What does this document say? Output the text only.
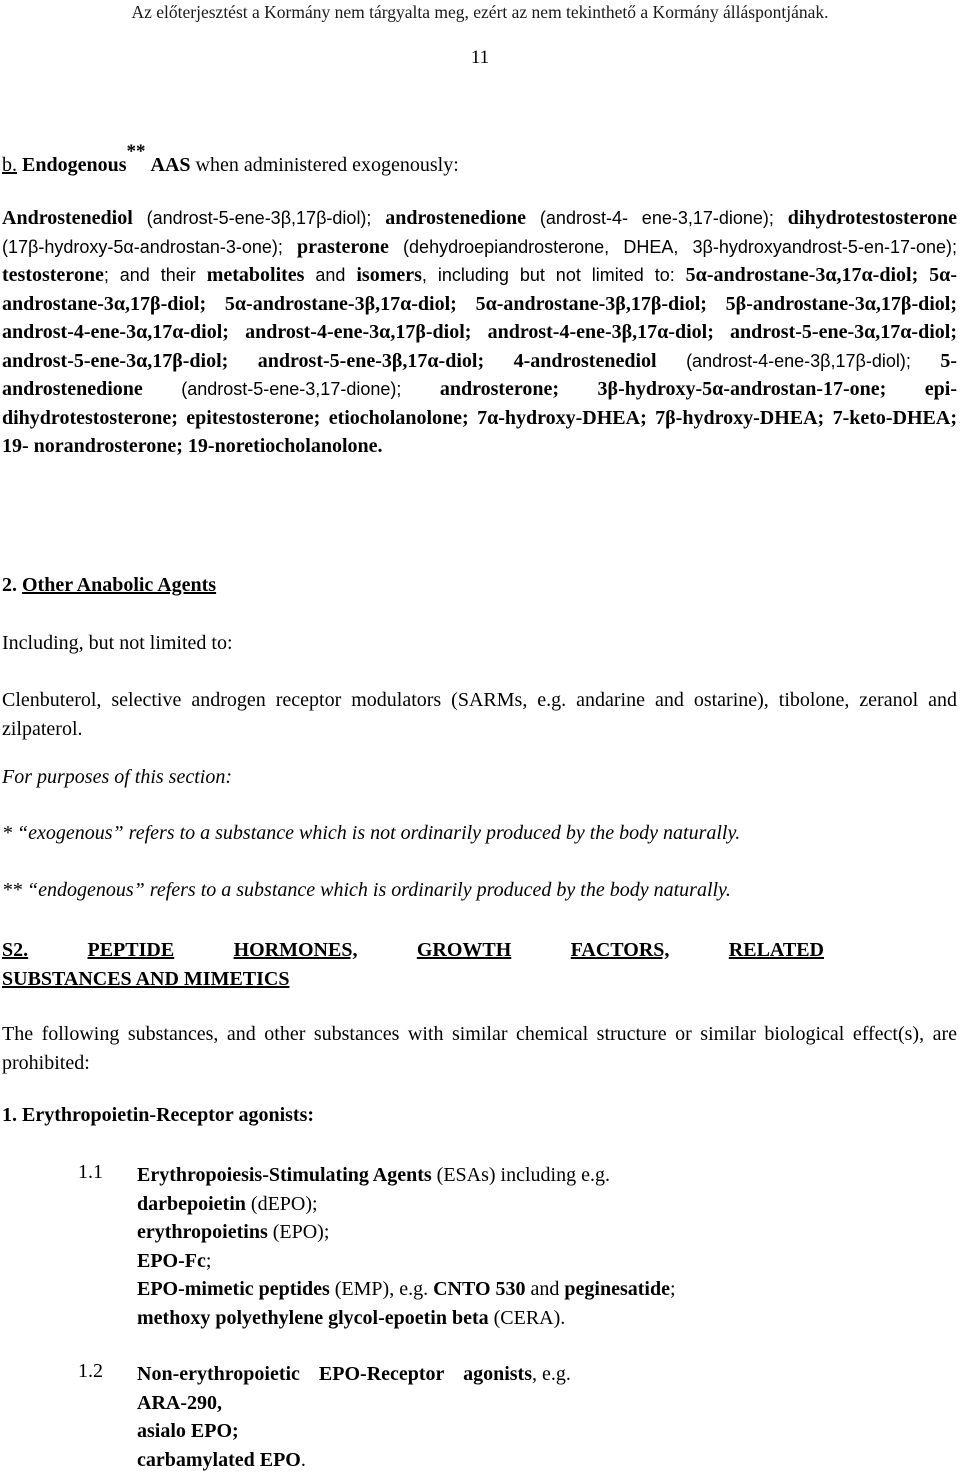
Az előterjesztést a Kormány nem tárgyalta meg, ezért az nem tekinthető a Kormány álláspontjának.
11
b. Endogenous** AAS when administered exogenously:

Androstenediol (androst-5-ene-3β,17β-diol); androstenedione (androst-4- ene-3,17-dione); dihydrotestosterone (17β-hydroxy-5α-androstan-3-one); prasterone (dehydroepiandrosterone, DHEA, 3β-hydroxyandrost-5-en-17-one); testosterone; and their metabolites and isomers, including but not limited to: 5α-androstane-3α,17α-diol; 5α-androstane-3α,17β-diol; 5α-androstane-3β,17α-diol; 5α-androstane-3β,17β-diol; 5β-androstane-3α,17β-diol; androst-4-ene-3α,17α-diol; androst-4-ene-3α,17β-diol; androst-4-ene-3β,17α-diol; androst-5-ene-3α,17α-diol; androst-5-ene-3α,17β-diol; androst-5-ene-3β,17α-diol; 4-androstenediol (androst-4-ene-3β,17β-diol); 5-androstenedione (androst-5-ene-3,17-dione); androsterone; 3β-hydroxy-5α-androstan-17-one; epi-dihydrotestosterone; epitestosterone; etiocholanolone; 7α-hydroxy-DHEA; 7β-hydroxy-DHEA; 7-keto-DHEA; 19- norandrosterone; 19-noretiocholanolone.

2. Other Anabolic Agents
Including, but not limited to:

Clenbuterol, selective androgen receptor modulators (SARMs, e.g. andarine and ostarine), tibolone, zeranol and zilpaterol.

For purposes of this section:
* “exogenous” refers to a substance which is not ordinarily produced by the body naturally.
** “endogenous” refers to a substance which is ordinarily produced by the body naturally.
S2.	PEPTIDE	HORMONES,	GROWTH	FACTORS,	RELATED
SUBSTANCES AND MIMETICS

The following substances, and other substances with similar chemical structure or similar biological effect(s), are prohibited:

1. Erythropoietin-Receptor agonists:
1.1 Erythropoiesis-Stimulating Agents (ESAs) including e.g.
darbepoietin (dEPO);
erythropoietins (EPO);
EPO-Fc;
EPO-mimetic peptides (EMP), e.g. CNTO 530 and peginesatide;
methoxy polyethylene glycol-epoetin beta (CERA).
1.2 Non-erythropoietic EPO-Receptor agonists, e.g.
ARA-290,
asialo EPO;
carbamylated EPO.
